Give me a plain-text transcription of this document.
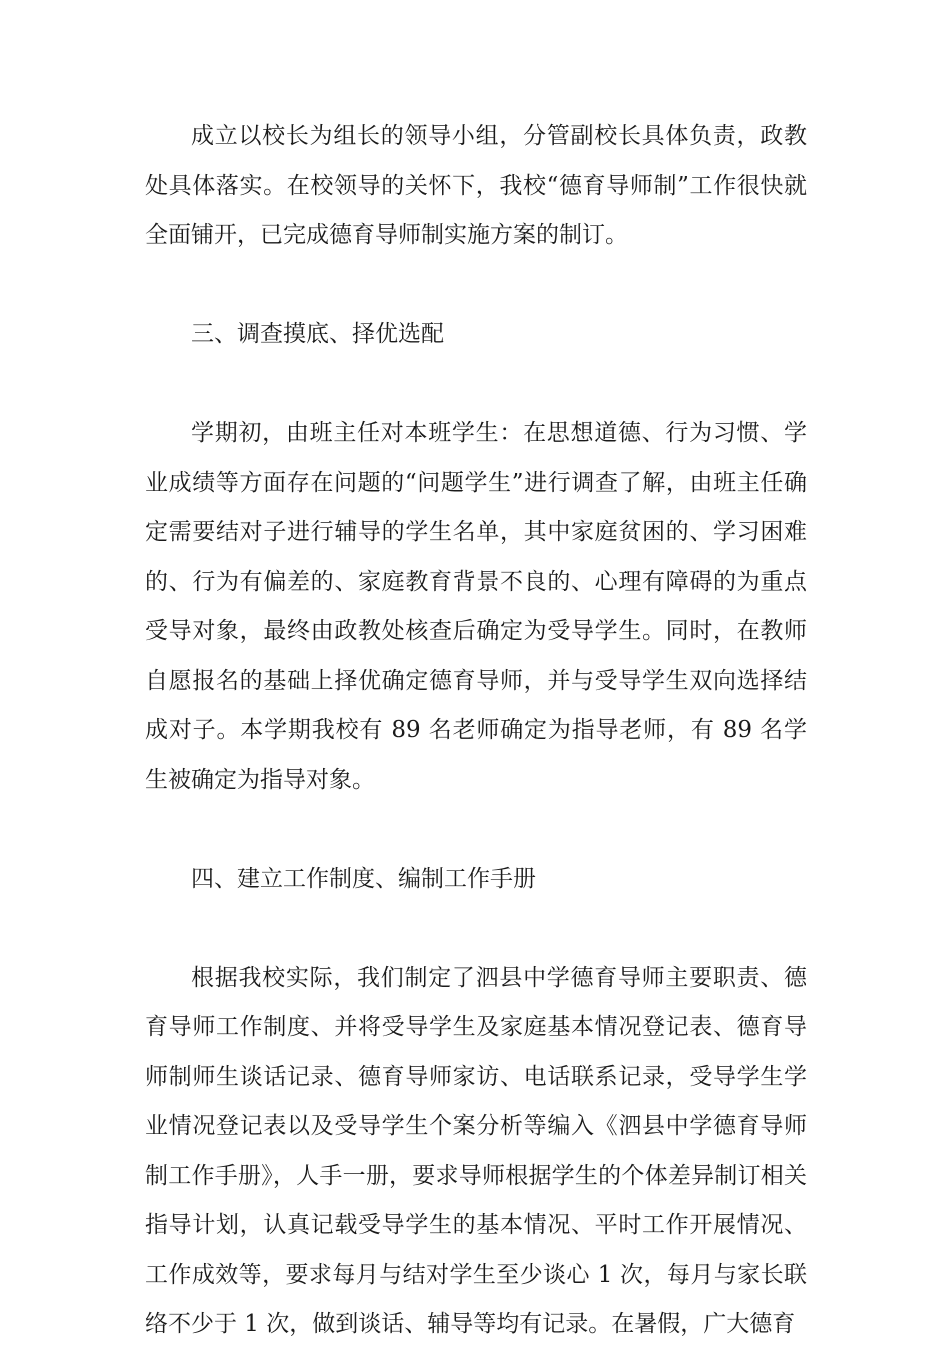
成立以校长为组长的领导小组，分管副校长具体负责，政教处具体落实。在校领导的关怀下，我校“德育导师制”工作很快就全面铺开，已完成德育导师制实施方案的制订。

三、调查摸底、择优选配

学期初，由班主任对本班学生：在思想道德、行为习惯、学业成绩等方面存在问题的“问题学生”进行调查了解，由班主任确定需要结对子进行辅导的学生名单，其中家庭贫困的、学习困难的、行为有偏差的、家庭教育背景不良的、心理有障碍的为重点受导对象，最终由政教处核查后确定为受导学生。同时，在教师自愿报名的基础上择优确定德育导师，并与受导学生双向选择结成对子。本学期我校有 89 名老师确定为指导老师，有 89 名学生被确定为指导对象。

四、建立工作制度、编制工作手册

根据我校实际，我们制定了泗县中学德育导师主要职责、德育导师工作制度、并将受导学生及家庭基本情况登记表、德育导师制师生谈话记录、德育导师家访、电话联系记录，受导学生学业情况登记表以及受导学生个案分析等编入《泗县中学德育导师制工作手册》，人手一册，要求导师根据学生的个体差异制订相关指导计划，认真记载受导学生的基本情况、平时工作开展情况、工作成效等，要求每月与结对学生至少谈心 1 次，每月与家长联络不少于 1 次，做到谈话、辅导等均有记录。在暑假，广大德育
